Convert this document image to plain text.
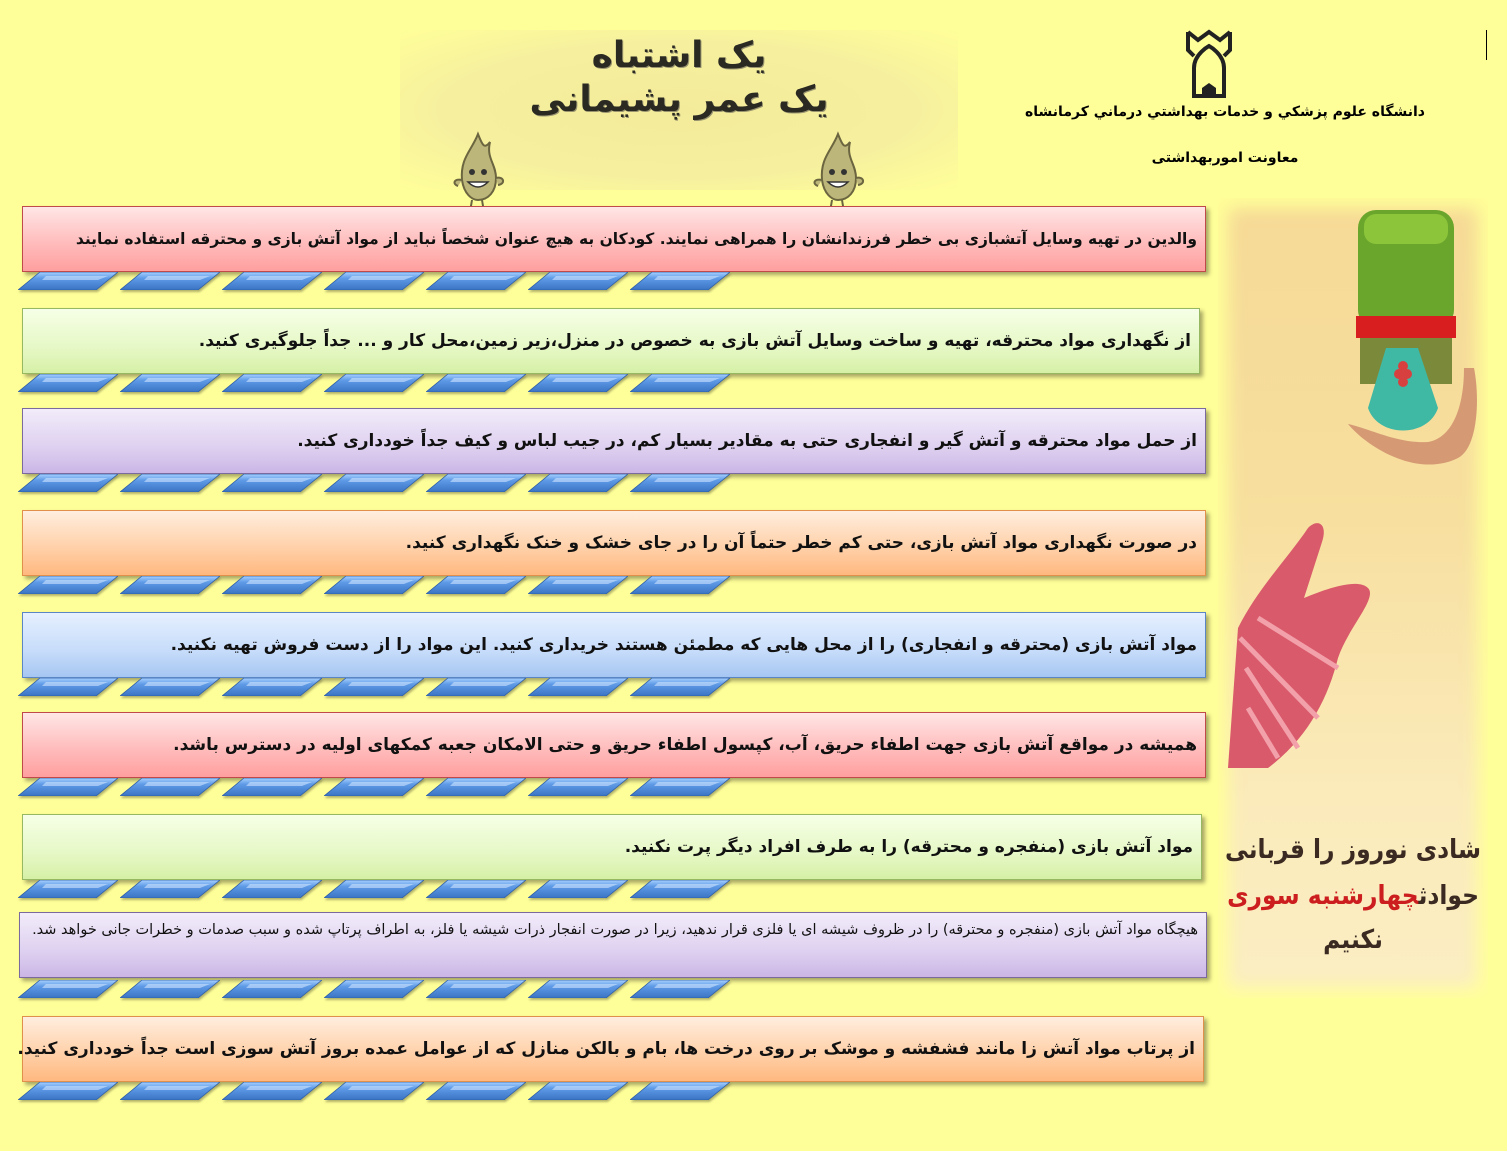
یک اشتباه
یک عمر پشیمانی	دانشگاه علوم پزشكي و خدمات بهداشتي درماني كرمانشاه
معاونت اموربهداشتی
شادی نوروز را قربانی
حوادثچهارشنبه سوری نکنیم
والدین در تهیه وسایل آتشبازی بی خطر فرزندانشان را همراهی نمایند. کودکان به هیچ عنوان شخصاً نباید از مواد آتش بازی و محترقه استفاده نمایند
از نگهداری مواد محترقه، تهیه و ساخت وسایل آتش بازی به خصوص در منزل،زیر زمین،محل کار و ... جداً جلوگیری کنید.
از حمل مواد محترقه و آتش گیر و انفجاری حتی به مقادیر بسیار کم، در جیب لباس و کیف جداً خودداری کنید.
در صورت نگهداری مواد آتش بازی، حتی کم خطر حتماً آن را در جای خشک و خنک نگهداری کنید.
مواد آتش بازی (محترقه و انفجاری) را از محل هایی که مطمئن هستند خریداری کنید. این مواد را از دست فروش تهیه نکنید.
همیشه در مواقع آتش بازی جهت اطفاء حریق، آب، کپسول اطفاء حریق و حتی الامکان جعبه کمکهای اولیه در دسترس باشد.
مواد آتش بازی (منفجره و محترقه) را به طرف افراد دیگر پرت نکنید.
هیچگاه مواد آتش بازی (منفجره و محترقه) را در ظروف شیشه ای یا فلزی قرار ندهید، زیرا در صورت انفجار ذرات شیشه یا فلز، به اطراف پرتاپ شده و سبب صدمات و خطرات جانی خواهد شد.
از پرتاب مواد آتش زا مانند فشفشه و موشک بر روی درخت ها، بام و بالکن منازل که از عوامل عمده بروز آتش سوزی است جداً خودداری کنید.
